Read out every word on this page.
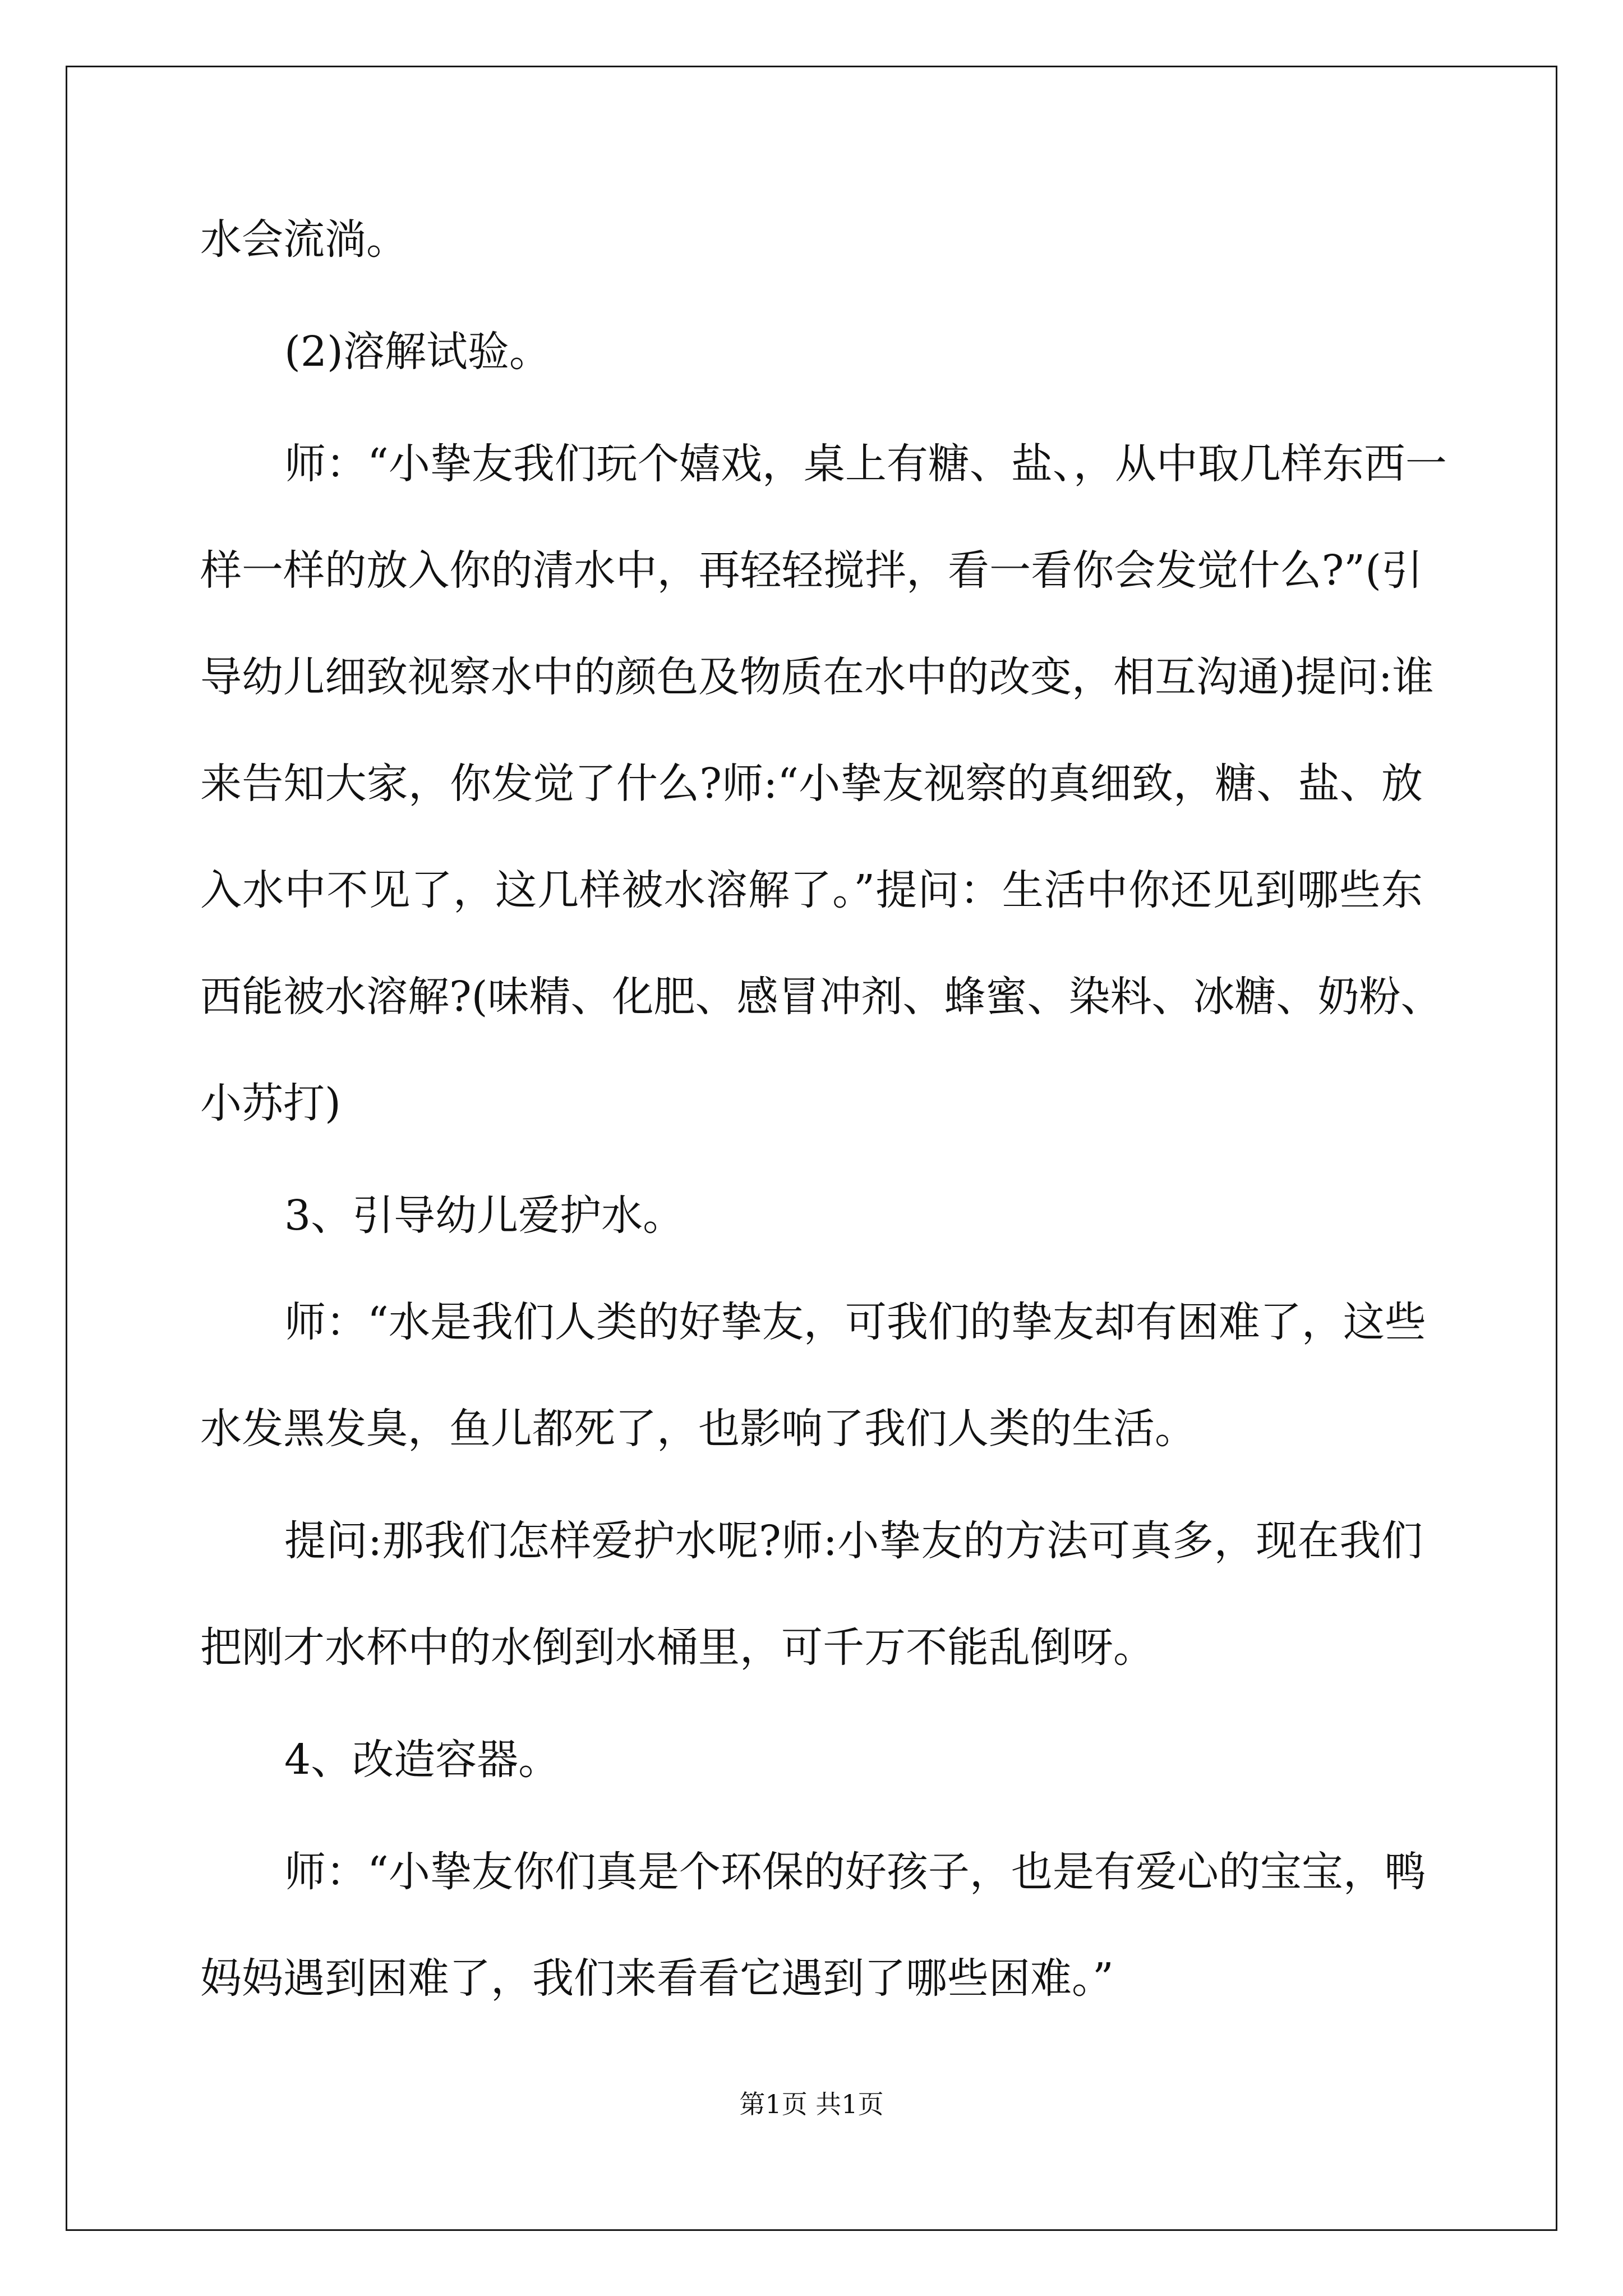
水会流淌。
(2)溶解试验。
师：“小挚友我们玩个嬉戏，桌上有糖、盐、，从中取几样东西一
样一样的放入你的清水中，再轻轻搅拌，看一看你会发觉什么?”(引
导幼儿细致视察水中的颜色及物质在水中的改变，相互沟通)提问:谁
来告知大家，你发觉了什么?师:“小挚友视察的真细致，糖、盐、放
入水中不见了，这几样被水溶解了。”提问：生活中你还见到哪些东
西能被水溶解?(味精、化肥、感冒冲剂、蜂蜜、染料、冰糖、奶粉、
小苏打)
3、引导幼儿爱护水。
师：“水是我们人类的好挚友，可我们的挚友却有困难了，这些
水发黑发臭，鱼儿都死了，也影响了我们人类的生活。
提问:那我们怎样爱护水呢?师:小挚友的方法可真多，现在我们
把刚才水杯中的水倒到水桶里，可千万不能乱倒呀。
4、改造容器。
师：“小挚友你们真是个环保的好孩子，也是有爱心的宝宝，鸭
妈妈遇到困难了，我们来看看它遇到了哪些困难。”
第1页 共1页
